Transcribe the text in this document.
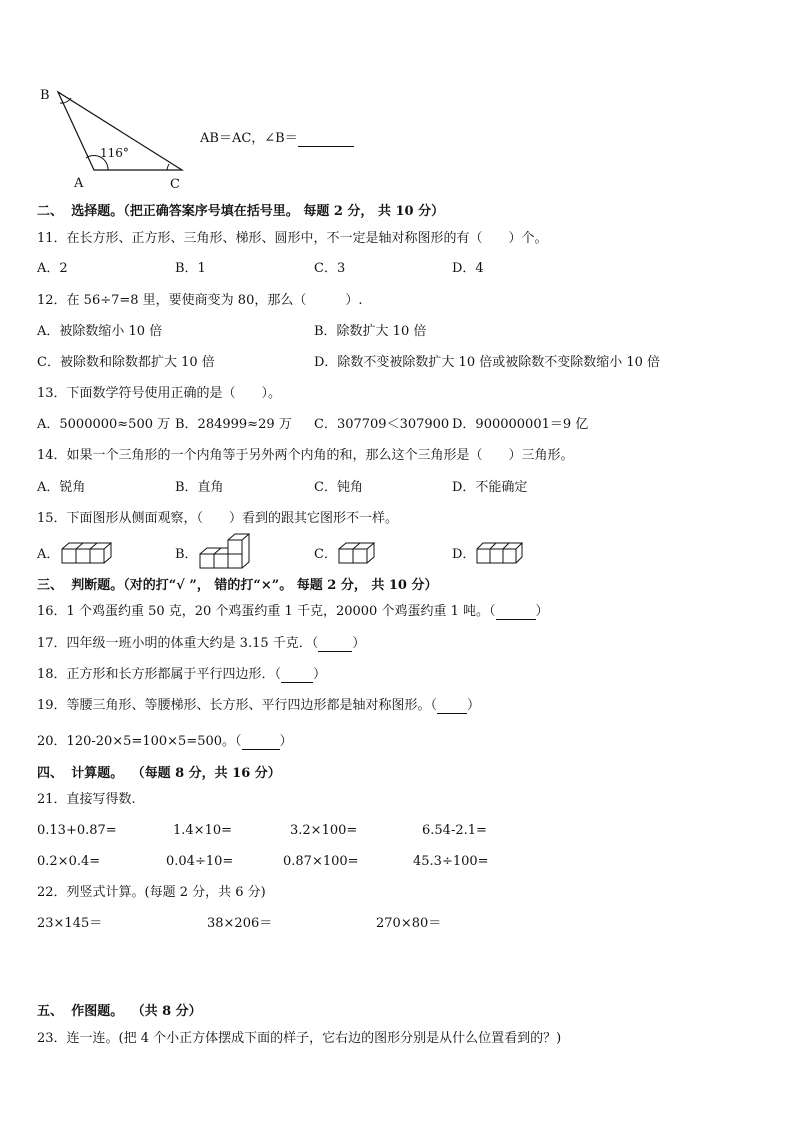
B
A	C
116°
AB＝AC，∠B＝
二、 选择题。（把正确答案序号填在括号里。 每题 2 分， 共 10 分）
11．在长方形、正方形、三角形、梯形、圆形中，不一定是轴对称图形的有（　　）个。
A．2	B．1	C．3	D．4
12．在 56÷7=8 里，要使商变为 80，那么（　　　）.
A．被除数缩小 10 倍	B．除数扩大 10 倍
C．被除数和除数都扩大 10 倍	D．除数不变被除数扩大 10 倍或被除数不变除数缩小 10 倍
13．下面数学符号使用正确的是（　　）。
A．5000000≈500 万 B．284999≈29 万 C．307709＜307900 D．900000001＝9 亿
14．如果一个三角形的一个内角等于另外两个内角的和，那么这个三角形是（　　）三角形。
A．锐角	B．直角	C．钝角	D．不能确定
15．下面图形从侧面观察，（　　）看到的跟其它图形不一样。
A．	B．	C．	D．
三、 判断题。（对的打“√ ”， 错的打“×”。 每题 2 分， 共 10 分）
16．1 个鸡蛋约重 50 克，20 个鸡蛋约重 1 千克，20000 个鸡蛋约重 1 吨。（	）
17．四年级一班小明的体重大约是 3.15 千克．（	）
18．正方形和长方形都属于平行四边形．（ ）
19．等腰三角形、等腰梯形、长方形、平行四边形都是轴对称图形。（ ）
20．120-20×5=100×5=500。（	）
四、 计算题。 （每题 8 分，共 16 分）
21．直接写得数.
0.13+0.87=	1.4×10=	3.2×100=	6.54-2.1=
0.2×0.4=	0.04÷10=	0.87×100=	45.3÷100=
22．列竖式计算。(每题 2 分，共 6 分)
23×145＝	38×206＝	270×80＝
五、 作图题。 （共 8 分）
23．连一连。(把 4 个小正方体摆成下面的样子，它右边的图形分别是从什么位置看到的？)
